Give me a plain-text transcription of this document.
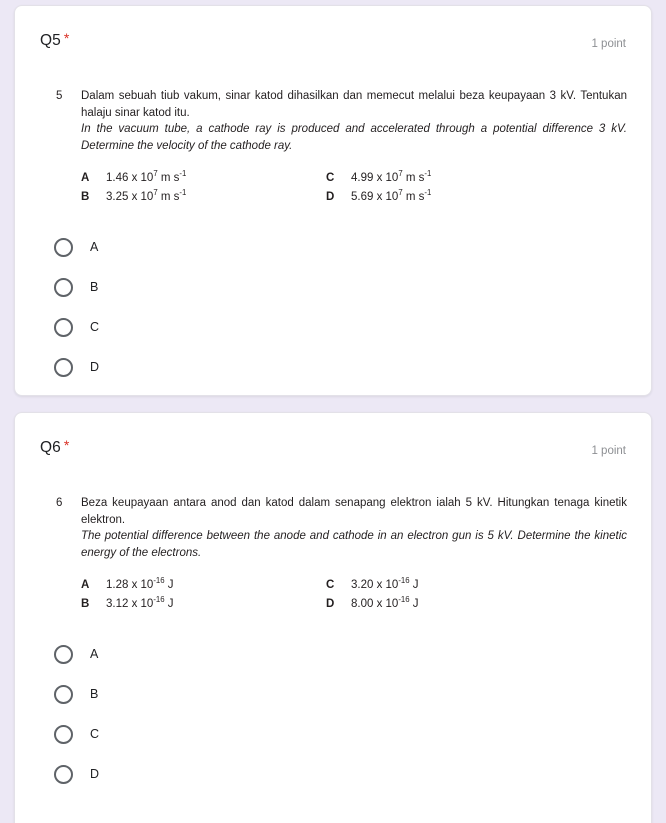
Q5 *	1 point
5	Dalam sebuah tiub vakum, sinar katod dihasilkan dan memecut melalui beza keupayaan 3 kV. Tentukan halaju sinar katod itu.
In the vacuum tube, a cathode ray is produced and accelerated through a potential difference 3 kV. Determine the velocity of the cathode ray.
A	1.46 x $10^7$ m $s^{-1}$	C	4.99 x $10^7$ m $s^{-1}$
B	3.25 x $10^7$ m $s^{-1}$	D	5.69 x $10^7$ m $s^{-1}$
A
B
C
D
Q6 *	1 point
6	Beza keupayaan antara anod dan katod dalam senapang elektron ialah 5 kV. Hitungkan tenaga kinetik elektron.
The potential difference between the anode and cathode in an electron gun is 5 kV. Determine the kinetic energy of the electrons.
A	1.28 x $10^{-16}$ J	C	3.20 x $10^{-16}$ J
B	3.12 x $10^{-16}$ J	D	8.00 x $10^{-16}$ J
A
B
C
D
